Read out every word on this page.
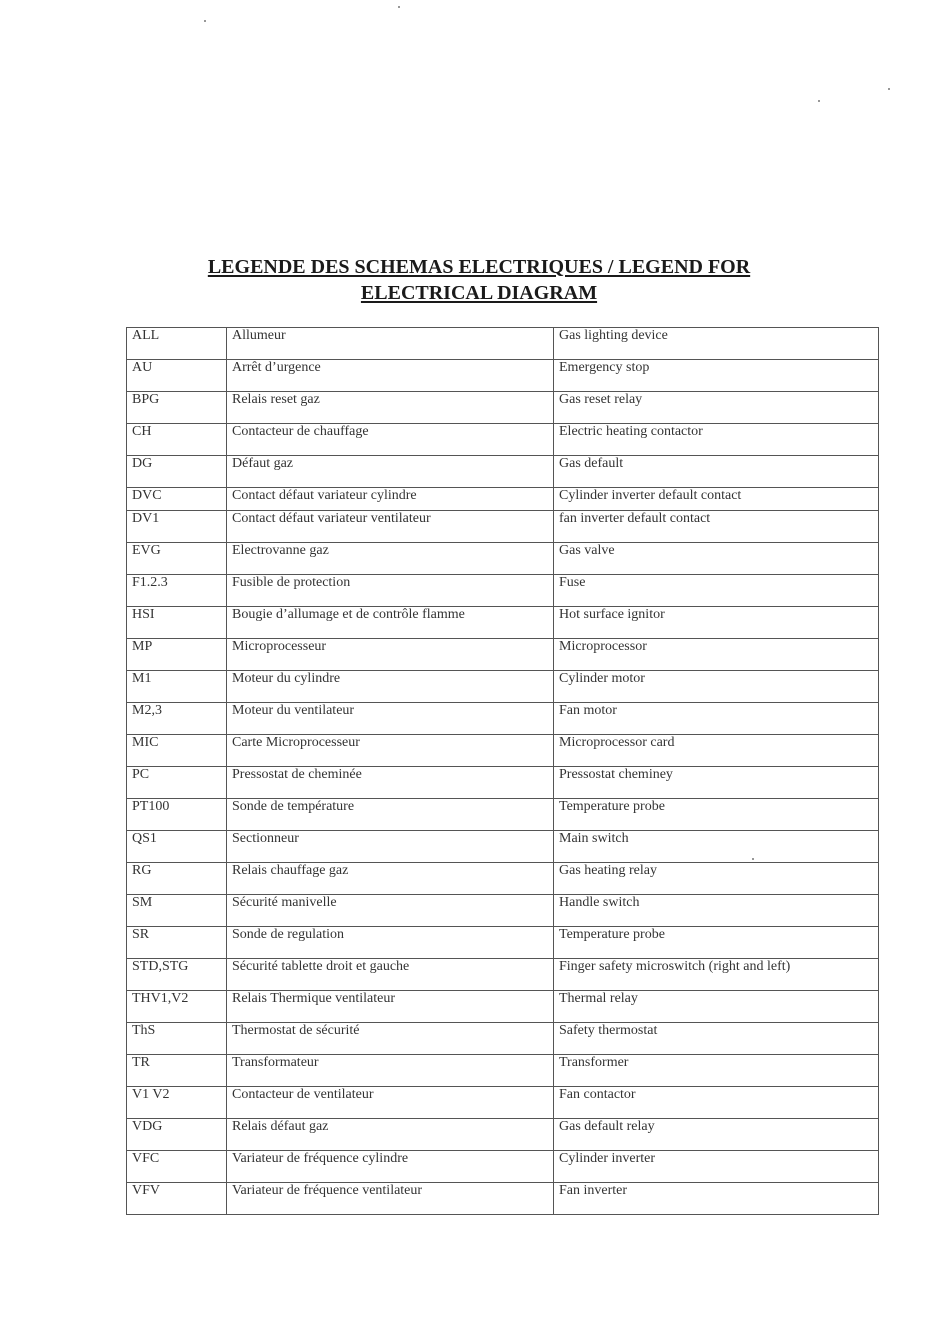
LEGENDE DES SCHEMAS ELECTRIQUES / LEGEND FOR
ELECTRICAL DIAGRAM
ALL	Allumeur	Gas lighting device
AU	Arrêt d’urgence	Emergency stop
BPG	Relais reset gaz	Gas reset relay
CH	Contacteur de chauffage	Electric heating contactor
DG	Défaut gaz	Gas default
DVC	Contact défaut variateur cylindre	Cylinder inverter default contact
DV1	Contact défaut variateur ventilateur	fan inverter default contact
EVG	Electrovanne gaz	Gas valve
F1.2.3	Fusible de protection	Fuse
HSI	Bougie d’allumage et de contrôle flamme	Hot surface ignitor
MP	Microprocesseur	Microprocessor
M1	Moteur du cylindre	Cylinder motor
M2,3	Moteur du ventilateur	Fan motor
MIC	Carte Microprocesseur	Microprocessor card
PC	Pressostat de cheminée	Pressostat cheminey
PT100	Sonde de température	Temperature probe
QS1	Sectionneur	Main switch
RG	Relais chauffage gaz	Gas heating relay
SM	Sécurité manivelle	Handle switch
SR	Sonde de regulation	Temperature probe
STD,STG	Sécurité tablette droit et gauche	Finger safety microswitch (right and left)
THV1,V2	Relais Thermique ventilateur	Thermal relay
ThS	Thermostat de sécurité	Safety thermostat
TR	Transformateur	Transformer
V1 V2	Contacteur de ventilateur	Fan contactor
VDG	Relais défaut gaz	Gas default relay
VFC	Variateur de fréquence cylindre	Cylinder inverter
VFV	Variateur de fréquence ventilateur	Fan inverter
